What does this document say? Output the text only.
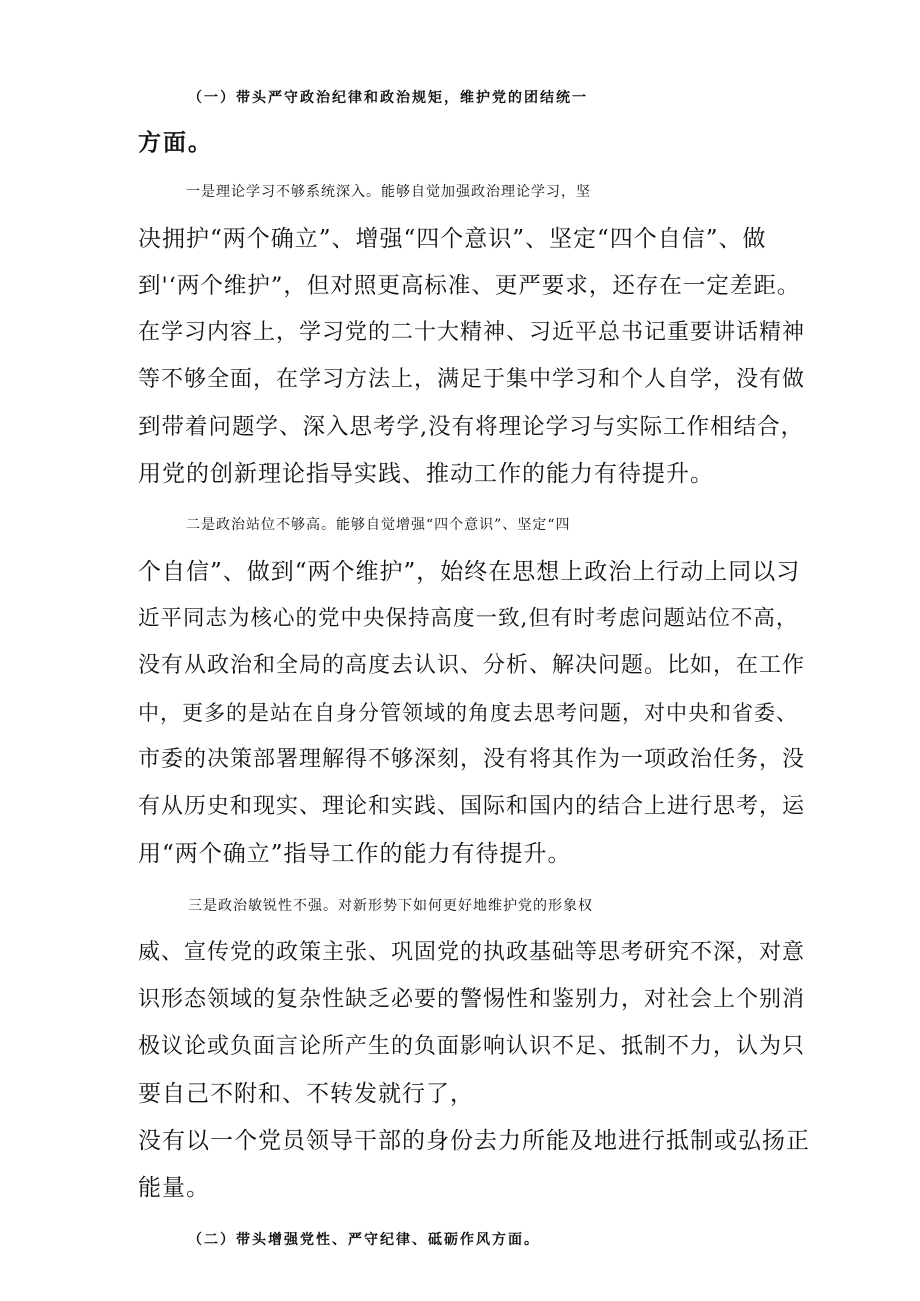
（一）带头严守政治纪律和政治规矩，维护党的团结统一
方面。
一是理论学习不够系统深入。能够自觉加强政治理论学习，坚
决拥护“两个确立”、增强“四个意识”、坚定“四个自信”、做
到'‘两个维护”，但对照更高标准、更严要求，还存在一定差距。
在学习内容上，学习党的二十大精神、习近平总书记重要讲话精神
等不够全面，在学习方法上，满足于集中学习和个人自学，没有做
到带着问题学、深入思考学,没有将理论学习与实际工作相结合，
用党的创新理论指导实践、推动工作的能力有待提升。
二是政治站位不够高。能够自觉增强“四个意识”、坚定“四
个自信”、做到“两个维护”，始终在思想上政治上行动上同以习
近平同志为核心的党中央保持高度一致,但有时考虑问题站位不高，
没有从政治和全局的高度去认识、分析、解决问题。比如，在工作
中，更多的是站在自身分管领域的角度去思考问题，对中央和省委、
市委的决策部署理解得不够深刻，没有将其作为一项政治任务，没
有从历史和现实、理论和实践、国际和国内的结合上进行思考，运
用“两个确立”指导工作的能力有待提升。
三是政治敏锐性不强。对新形势下如何更好地维护党的形象权
威、宣传党的政策主张、巩固党的执政基础等思考研究不深，对意
识形态领域的复杂性缺乏必要的警惕性和鉴别力，对社会上个别消
极议论或负面言论所产生的负面影响认识不足、抵制不力，认为只
要自己不附和、不转发就行了，
没有以一个党员领导干部的身份去力所能及地进行抵制或弘扬正
能量。
（二）带头增强党性、严守纪律、砥砺作风方面。
